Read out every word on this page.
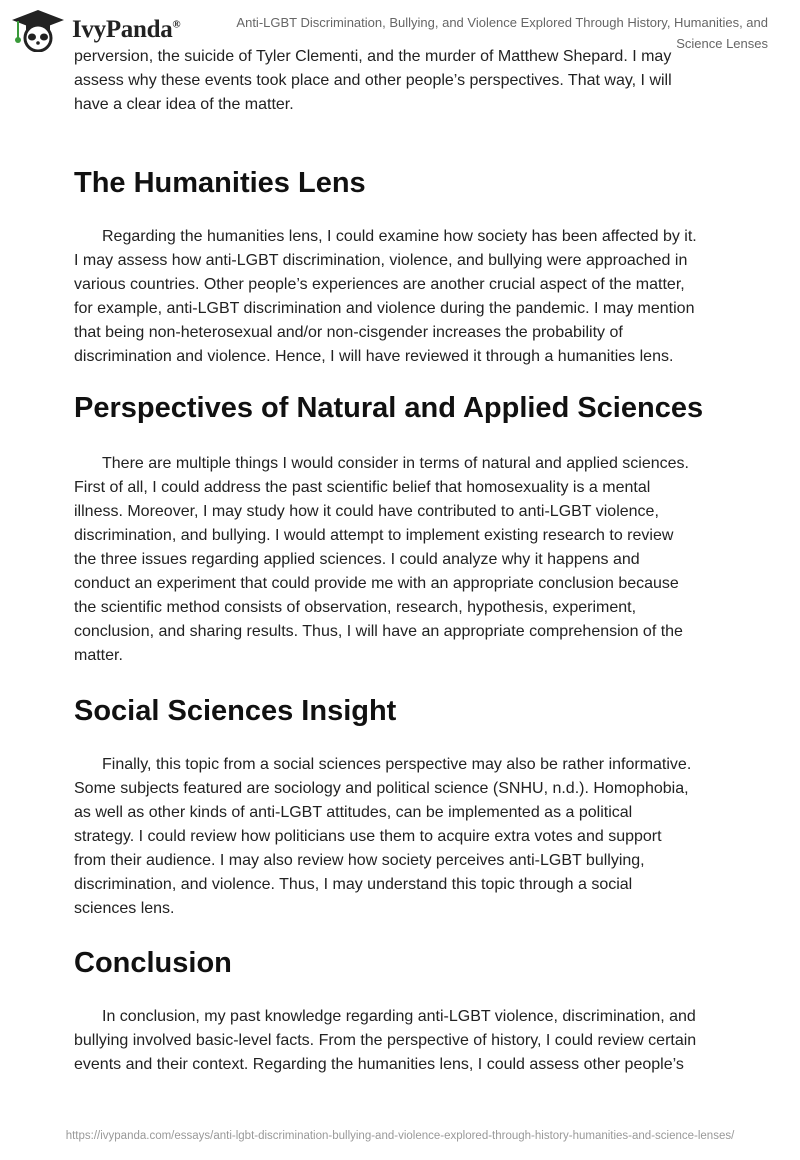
IvyPanda®	Anti-LGBT Discrimination, Bullying, and Violence Explored Through History, Humanities, and Science Lenses
perversion, the suicide of Tyler Clementi, and the murder of Matthew Shepard. I may
assess why these events took place and other people’s perspectives. That way, I will
have a clear idea of the matter.
The Humanities Lens
Regarding the humanities lens, I could examine how society has been affected by it.
I may assess how anti-LGBT discrimination, violence, and bullying were approached in
various countries. Other people’s experiences are another crucial aspect of the matter,
for example, anti-LGBT discrimination and violence during the pandemic. I may mention
that being non-heterosexual and/or non-cisgender increases the probability of
discrimination and violence. Hence, I will have reviewed it through a humanities lens.
Perspectives of Natural and Applied Sciences
There are multiple things I would consider in terms of natural and applied sciences.
First of all, I could address the past scientific belief that homosexuality is a mental
illness. Moreover, I may study how it could have contributed to anti-LGBT violence,
discrimination, and bullying. I would attempt to implement existing research to review
the three issues regarding applied sciences. I could analyze why it happens and
conduct an experiment that could provide me with an appropriate conclusion because
the scientific method consists of observation, research, hypothesis, experiment,
conclusion, and sharing results. Thus, I will have an appropriate comprehension of the
matter.
Social Sciences Insight
Finally, this topic from a social sciences perspective may also be rather informative.
Some subjects featured are sociology and political science (SNHU, n.d.). Homophobia,
as well as other kinds of anti-LGBT attitudes, can be implemented as a political
strategy. I could review how politicians use them to acquire extra votes and support
from their audience. I may also review how society perceives anti-LGBT bullying,
discrimination, and violence. Thus, I may understand this topic through a social
sciences lens.
Conclusion
In conclusion, my past knowledge regarding anti-LGBT violence, discrimination, and
bullying involved basic-level facts. From the perspective of history, I could review certain
events and their context. Regarding the humanities lens, I could assess other people’s
https://ivypanda.com/essays/anti-lgbt-discrimination-bullying-and-violence-explored-through-history-humanities-and-science-lenses/
